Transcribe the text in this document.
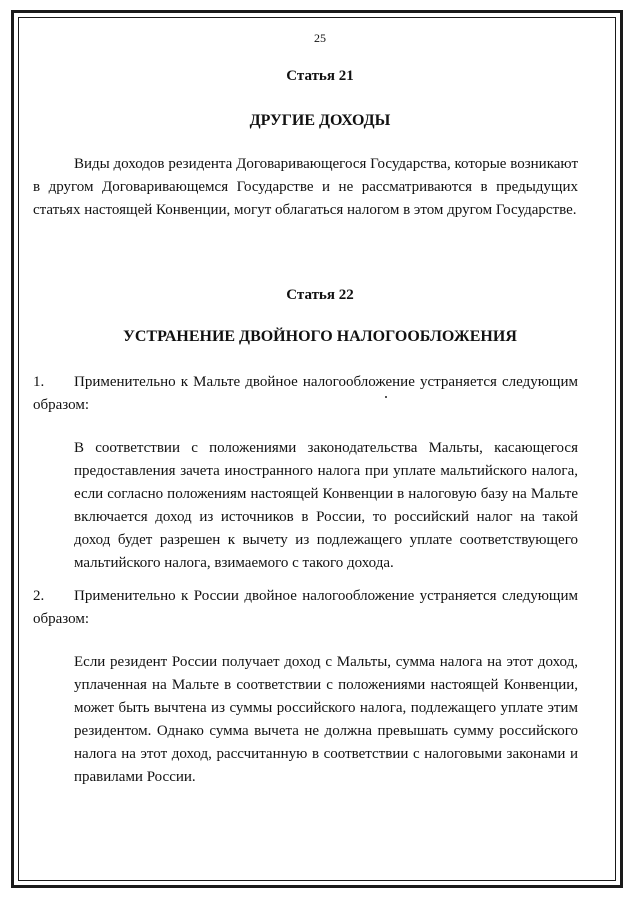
25
Статья 21
ДРУГИЕ ДОХОДЫ
Виды доходов резидента Договаривающегося Государства, которые возникают в другом Договаривающемся Государстве и не рассматриваются в предыдущих статьях настоящей Конвенции, могут облагаться налогом в этом другом Государстве.
Статья 22
УСТРАНЕНИЕ ДВОЙНОГО НАЛОГООБЛОЖЕНИЯ
1. Применительно к Мальте двойное налогообложение устраняется следующим образом:
В соответствии с положениями законодательства Мальты, касающегося предоставления зачета иностранного налога при уплате мальтийского налога, если согласно положениям настоящей Конвенции в налоговую базу на Мальте включается доход из источников в России, то российский налог на такой доход будет разрешен к вычету из подлежащего уплате соответствующего мальтийского налога, взимаемого с такого дохода.
2. Применительно к России двойное налогообложение устраняется следующим образом:
Если резидент России получает доход с Мальты, сумма налога на этот доход, уплаченная на Мальте в соответствии с положениями настоящей Конвенции, может быть вычтена из суммы российского налога, подлежащего уплате этим резидентом. Однако сумма вычета не должна превышать сумму российского налога на этот доход, рассчитанную в соответствии с налоговыми законами и правилами России.
